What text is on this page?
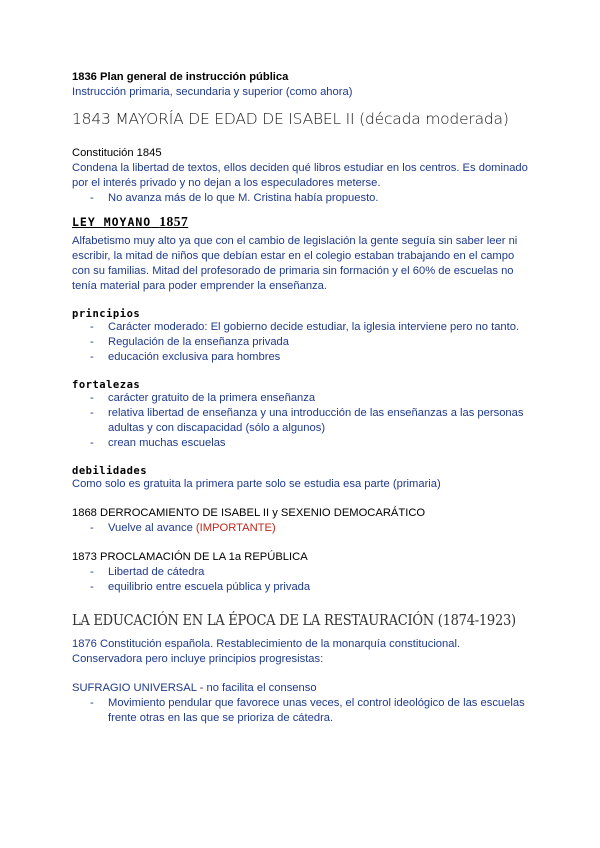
1836 Plan general de instrucción pública
Instrucción primaria, secundaria y superior (como ahora)
1843 MAYORÍA DE EDAD DE ISABEL II (década moderada)
Constitución 1845
Condena la libertad de textos, ellos deciden qué libros estudiar en los centros. Es dominado
por el interés privado y no dejan a los especuladores meterse.
- No avanza más de lo que M. Cristina había propuesto.
LEY MOYANO 1857
Alfabetismo muy alto ya que con el cambio de legislación la gente seguía sin saber leer ni
escribir, la mitad de niños que debían estar en el colegio estaban trabajando en el campo
con su familias. Mitad del profesorado de primaria sin formación y el 60% de escuelas no
tenía material para poder emprender la enseñanza.
principios
- Carácter moderado: El gobierno decide estudiar, la iglesia interviene pero no tanto.
- Regulación de la enseñanza privada
- educación exclusiva para hombres
fortalezas
- carácter gratuito de la primera enseñanza
- relativa libertad de enseñanza y una introducción de las enseñanzas a las personas
adultas y con discapacidad (sólo a algunos)
- crean muchas escuelas
debilidades
Como solo es gratuita la primera parte solo se estudia esa parte (primaria)
1868 DERROCAMIENTO DE ISABEL II y SEXENIO DEMOCARÁTICO
- Vuelve al avance (IMPORTANTE)
1873 PROCLAMACIÓN DE LA 1a REPÚBLICA
- Libertad de cátedra
- equilibrio entre escuela pública y privada
LA EDUCACIÓN EN LA ÉPOCA DE LA RESTAURACIÓN (1874-1923)
1876 Constitución española. Restablecimiento de la monarquía constitucional.
Conservadora pero incluye principios progresistas:
SUFRAGIO UNIVERSAL - no facilita el consenso
- Movimiento pendular que favorece unas veces, el control ideológico de las escuelas
frente otras en las que se prioriza de cátedra.
